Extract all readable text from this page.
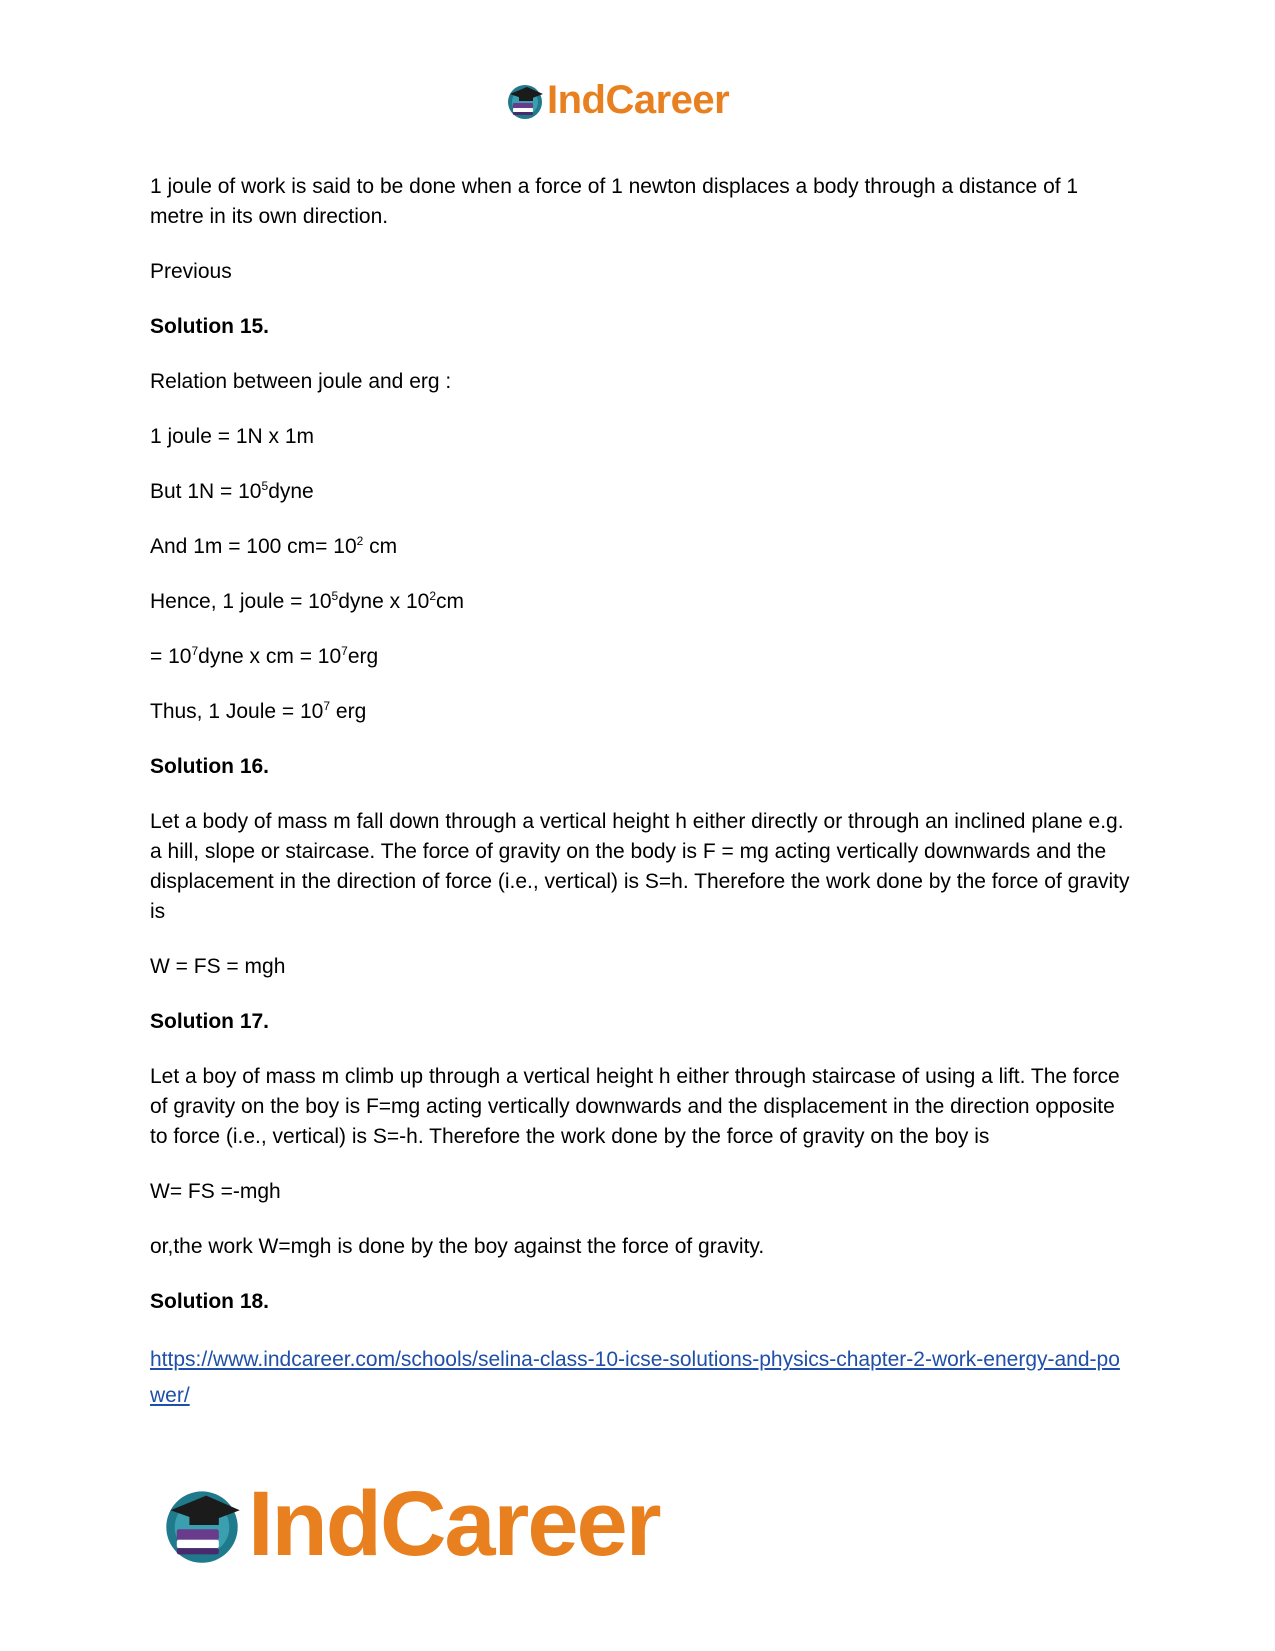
IndCareer

1 joule of work is said to be done when a force of 1 newton displaces a body through a distance of 1 metre in its own direction.

Previous

Solution 15.

Relation between joule and erg :

1 joule = 1N x 1m

But $1N = 10^5dyne$

And 1m = 100 $cm= 10^2$ cm

Hence, 1 joule = $10^5dyne$ x $10^2cm$

= $10^7dyne$ x cm = $10^7erg$

Thus, 1 Joule = $10^7$ erg

Solution 16.

Let a body of mass m fall down through a vertical height h either directly or through an inclined plane e.g. a hill, slope or staircase. The force of gravity on the body is F = mg acting vertically downwards and the displacement in the direction of force (i.e., vertical) is S=h. Therefore the work done by the force of gravity is

W = FS = mgh

Solution 17.

Let a boy of mass m climb up through a vertical height h either through staircase of using a lift. The force of gravity on the boy is F=mg acting vertically downwards and the displacement in the direction opposite to force (i.e., vertical) is S=-h. Therefore the work done by the force of gravity on the boy is

W= FS =-mgh

or,the work W=mgh is done by the boy against the force of gravity.

Solution 18.

https://www.indcareer.com/schools/selina-class-10-icse-solutions-physics-chapter-2-work-energy-and-power/
IndCareer
